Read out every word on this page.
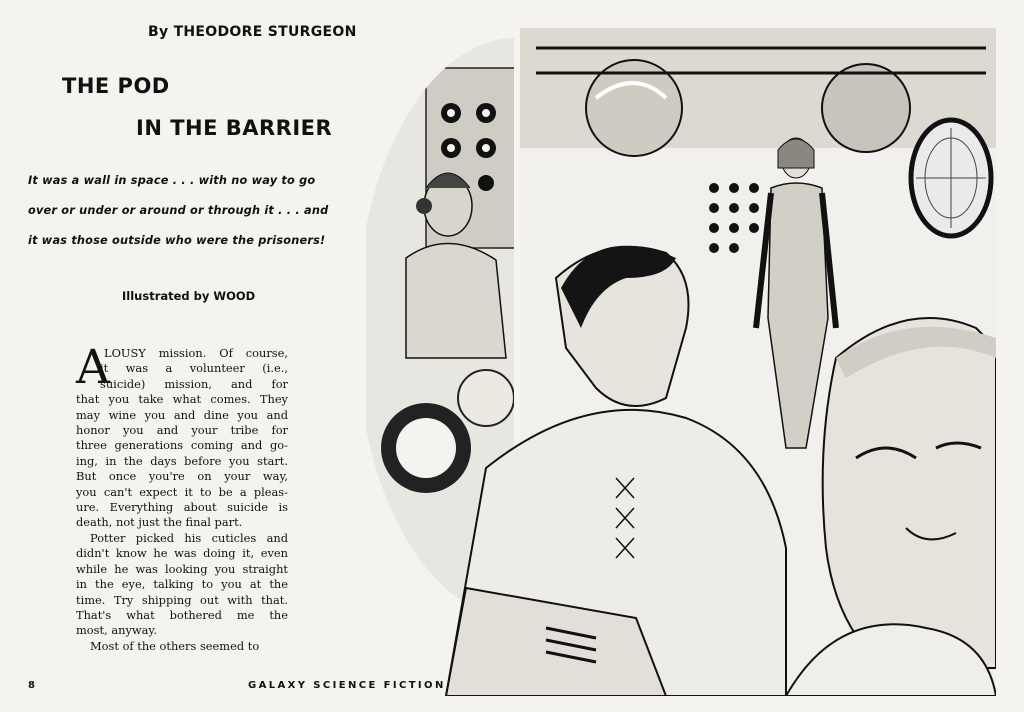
By THEODORE STURGEON
THE POD
IN THE BARRIER
It was a wall in space . . . with no way to go
over or under or around or through it . . . and
it was those outside who were the prisoners!
Illustrated by WOOD
A
LOUSY mission. Of course,
it was a volunteer (i.e.,
suicide) mission, and for
that you take what comes. They
may wine you and dine you and
honor you and your tribe for
three generations coming and go-
ing, in the days before you start.
But once you're on your way,
you can't expect it to be a pleas-
ure. Everything about suicide is
death, not just the final part.
Potter picked his cuticles and
didn't know he was doing it, even
while he was looking you straight
in the eye, talking to you at the
time. Try shipping out with that.
That's what bothered me the
most, anyway.
Most of the others seemed to
8	GALAXY SCIENCE FICTION
